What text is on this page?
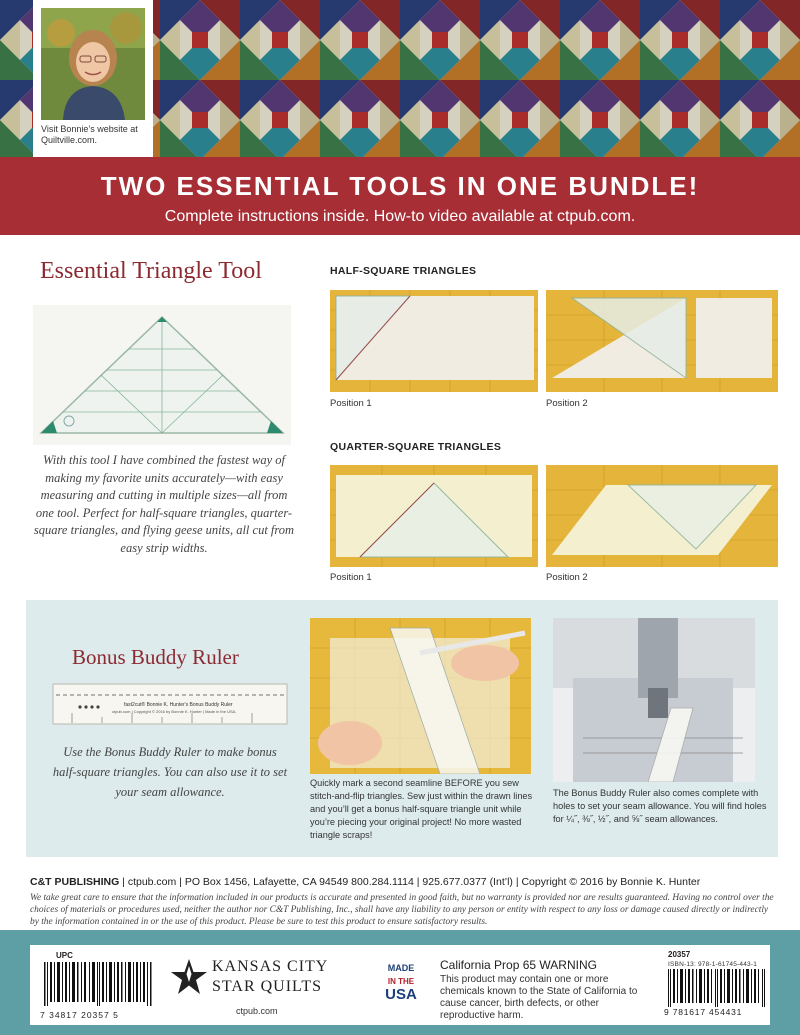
Visit Bonnie’s website at Quiltville.com.
TWO ESSENTIAL TOOLS IN ONE BUNDLE!
Complete instructions inside. How-to video available at ctpub.com.
Essential Triangle Tool
With this tool I have combined the fastest way of making my favorite units accurately—with easy measuring and cutting in multiple sizes—all from one tool. Perfect for half-square triangles, quarter-square triangles, and flying geese units, all cut from easy strip widths.
HALF-SQUARE TRIANGLES
Position 1	Position 2
QUARTER-SQUARE TRIANGLES
Position 1	Position 2
Bonus Buddy Ruler
fast2cut® Bonnie K. Hunter's Bonus Buddy Ruler
ctpub.com | Copyright © 2016 by Bonnie K. Hunter | Made in the USA.
Use the Bonus Buddy Ruler to make bonus half-square triangles. You can also use it to set your seam allowance.
Quickly mark a second seamline BEFORE you sew stitch-and-flip triangles. Sew just within the drawn lines and you’ll get a bonus half-square triangle unit while you’re piecing your original project! No more wasted triangle scraps!
The Bonus Buddy Ruler also comes complete with holes to set your seam allowance. You will find holes for ¼˝, ⅜˝, ½˝, and ⅝˝ seam allowances.
C&T PUBLISHING | ctpub.com | PO Box 1456, Lafayette, CA 94549 800.284.1114 | 925.677.0377 (Int’l) | Copyright © 2016 by Bonnie K. Hunter
We take great care to ensure that the information included in our products is accurate and presented in good faith, but no warranty is provided nor are results guaranteed. Having no control over the choices of materials or procedures used, neither the author nor C&T Publishing, Inc., shall have any liability to any person or entity with respect to any loss or damage caused directly or indirectly by the information contained in or the use of this product. Please be sure to test this product to ensure satisfactory results.
UPC
7 34817 20357 5
KANSAS CITY
STAR QUILTS
ctpub.com
MADE
IN THE
USA
California Prop 65 WARNING
This product may contain one or more chemicals known to the State of California to cause cancer, birth defects, or other reproductive harm.
20357
ISBN-13: 978-1-61745-443-1
9 781617 454431
